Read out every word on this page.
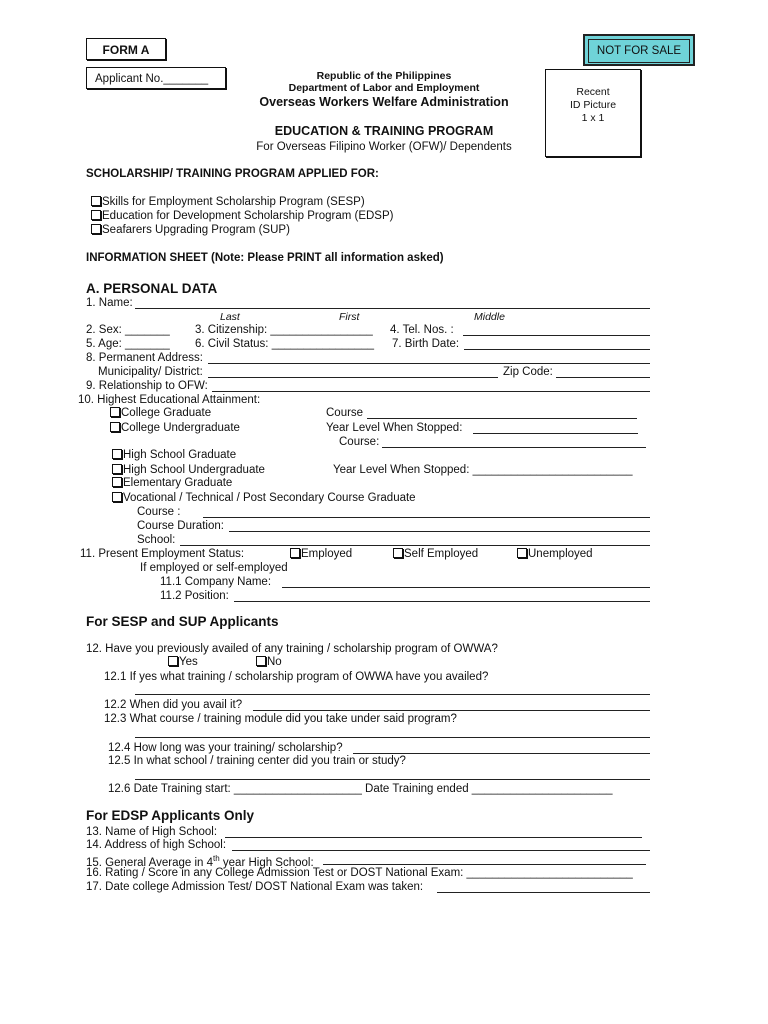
FORM A
Applicant No._______
NOT FOR SALE
Republic of the Philippines
Department of Labor and Employment
Overseas Workers Welfare Administration
EDUCATION & TRAINING PROGRAM
For Overseas Filipino Worker (OFW)/ Dependents
Recent
ID Picture
1 x 1
SCHOLARSHIP/ TRAINING PROGRAM APPLIED FOR:
Skills for Employment Scholarship Program (SESP)
Education for Development Scholarship Program (EDSP)
Seafarers Upgrading Program (SUP)
INFORMATION SHEET (Note: Please PRINT all information asked)
A. PERSONAL DATA
1. Name:
Last	First	Middle
2. Sex: _______ 3. Citizenship: ________________ 4. Tel. Nos. :
5. Age: _______ 6. Civil Status: ________________ 7. Birth Date:
8. Permanent Address:
Municipality/ District:	Zip Code:
9. Relationship to OFW:
10. Highest Educational Attainment:
College Graduate	Course
College Undergraduate	Year Level When Stopped:
Course:
High School Graduate
High School Undergraduate	Year Level When Stopped: _________________________
Elementary Graduate
Vocational / Technical / Post Secondary Course Graduate
Course :
Course Duration:
School:
11. Present Employment Status:	Employed	Self Employed	Unemployed
If employed or self-employed
11.1 Company Name:
11.2 Position:
For SESP and SUP Applicants
12. Have you previously availed of any training / scholarship program of OWWA?
Yes	No
12.1 If yes what training / scholarship program of OWWA have you availed?
12.2 When did you avail it?
12.3 What course / training module did you take under said program?
12.4 How long was your training/ scholarship?
12.5 In what school / training center did you train or study?
12.6 Date Training start: ____________________ Date Training ended ______________________
For EDSP Applicants Only
13. Name of High School:
14. Address of high School:
15. General Average in 4th year High School:
16. Rating / Score in any College Admission Test or DOST National Exam: __________________________
17. Date college Admission Test/ DOST National Exam was taken:
